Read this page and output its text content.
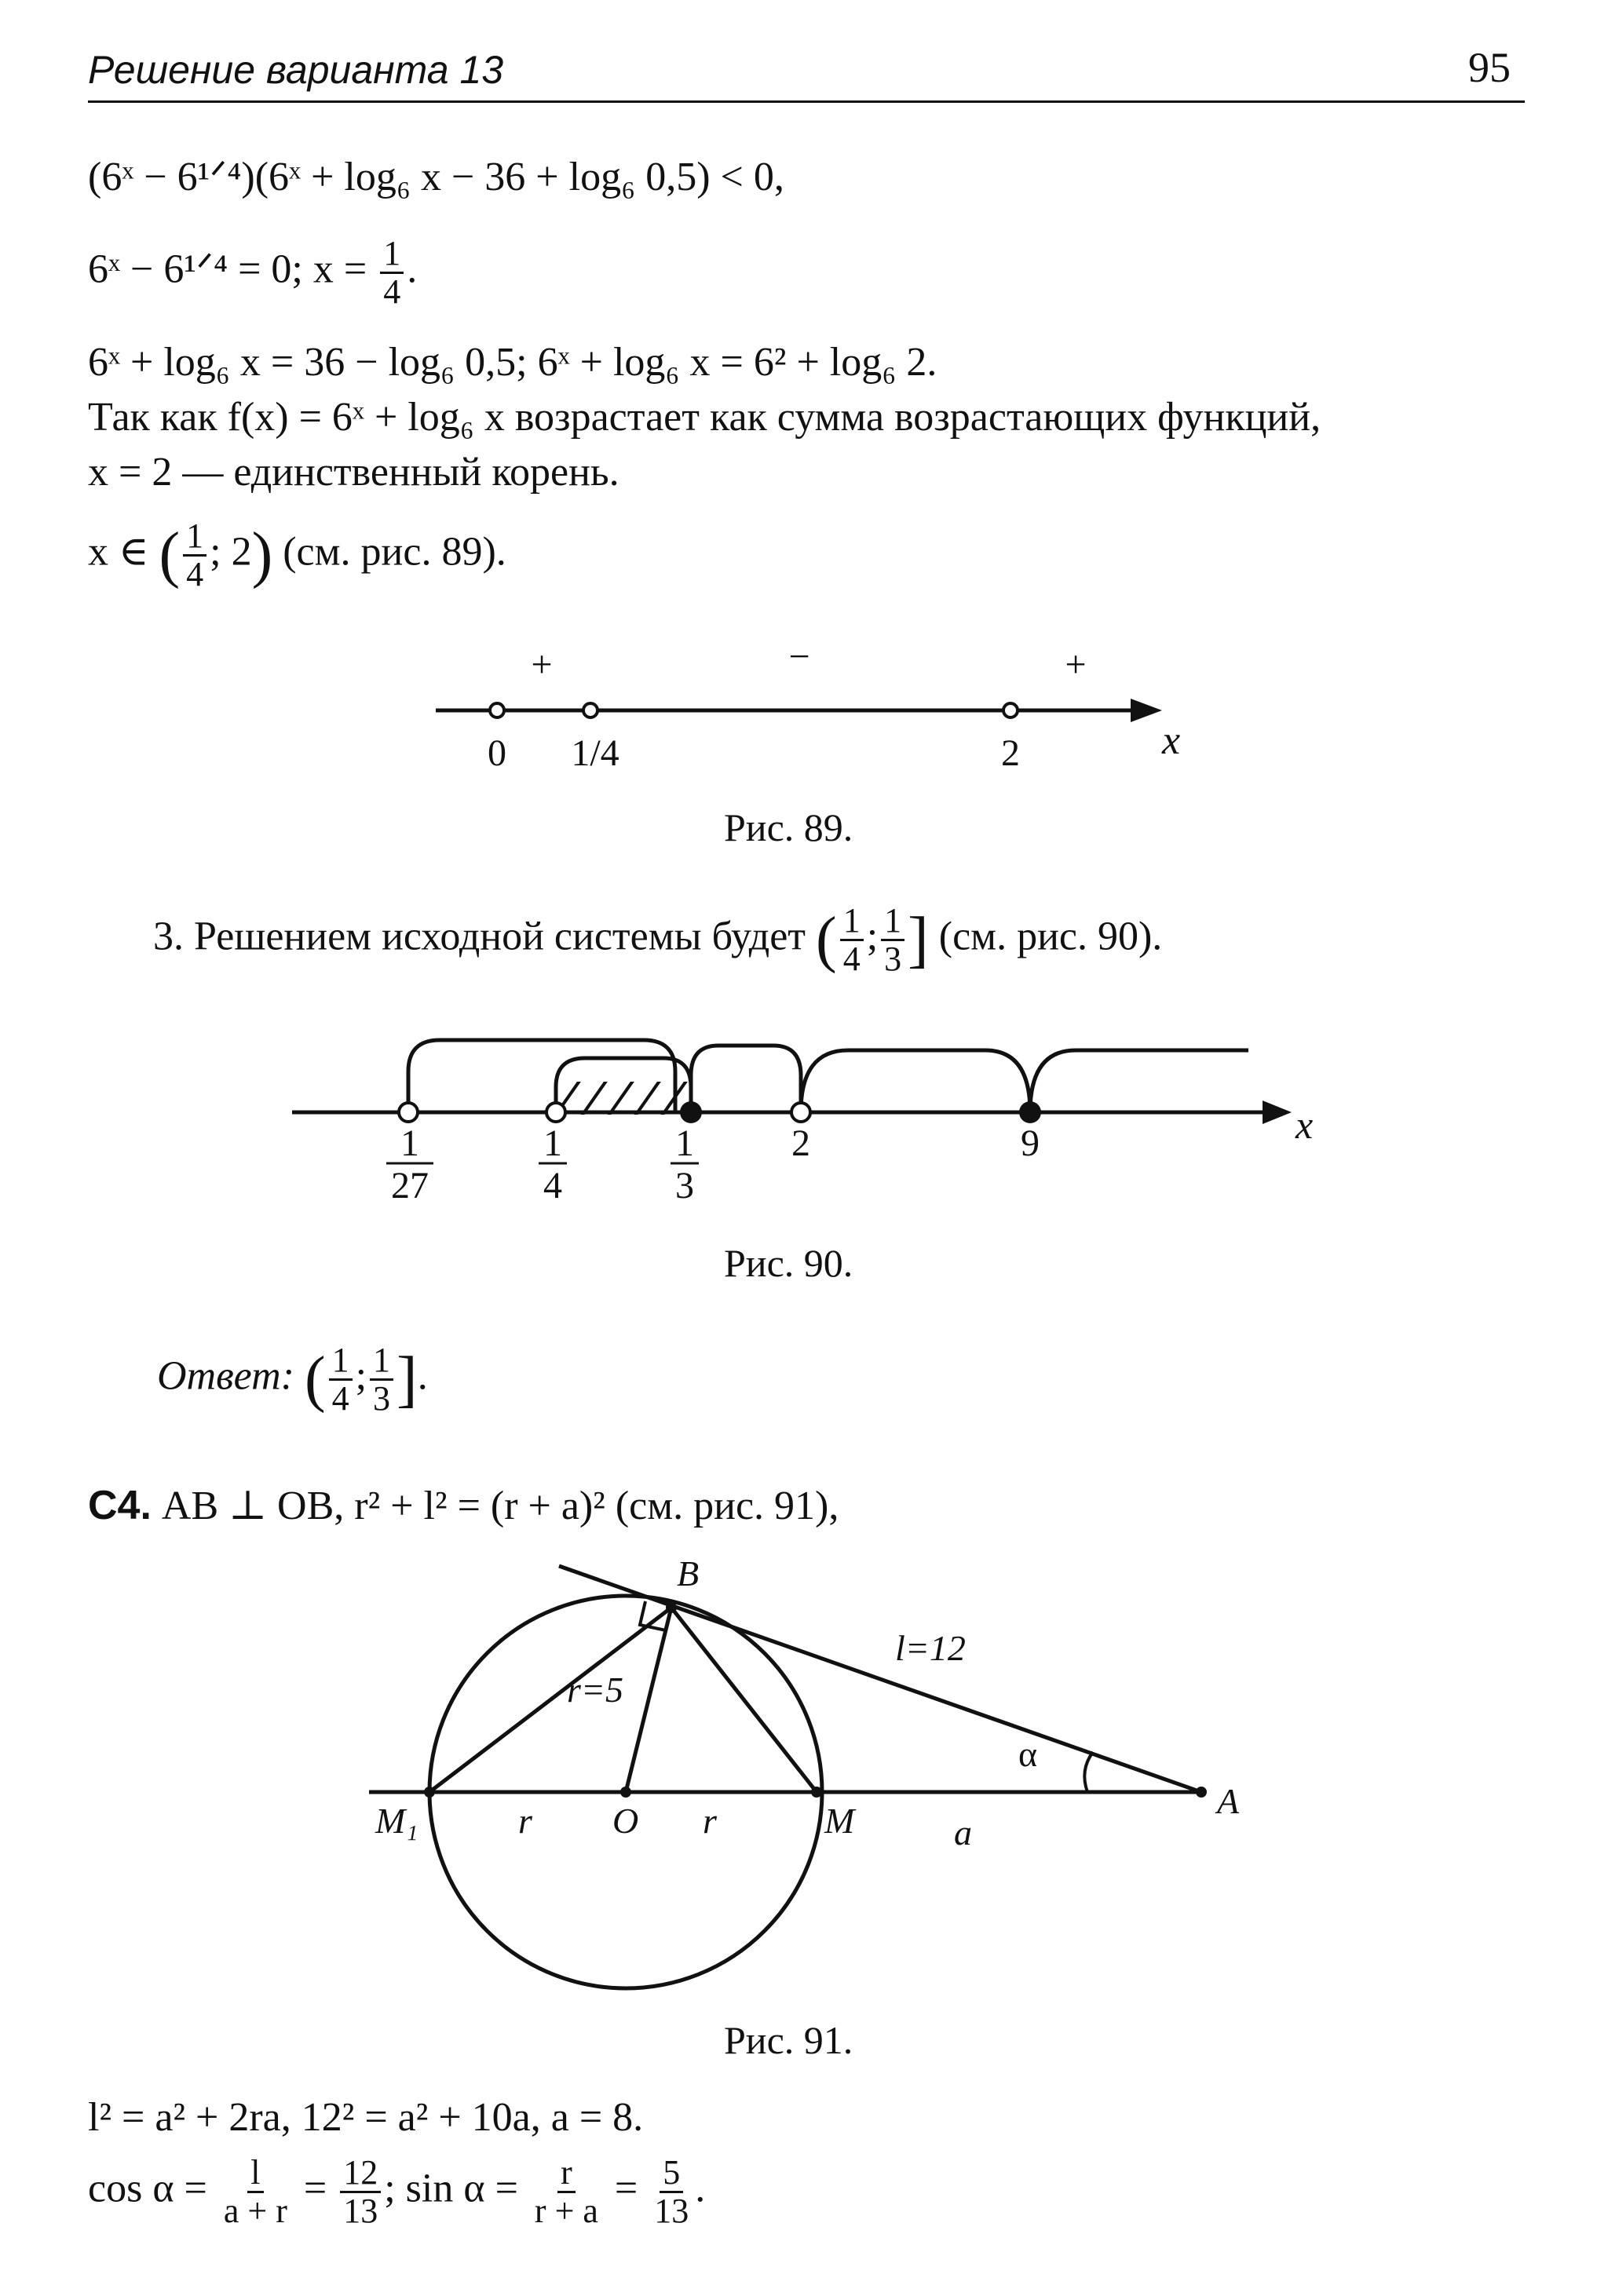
Решение варианта 13	95
(6ˣ − 6¹ᐟ⁴)(6ˣ + log₆ x − 36 + log₆ 0,5) < 0,
6ˣ − 6¹ᐟ⁴ = 0; $x = \frac{1}{4}$ .
6ˣ + log₆ x = 36 − log₆ 0,5; 6ˣ + log₆ x = 6² + log₆ 2.
Так как f(x) = 6ˣ + log₆ x возрастает как сумма возрастающих функций,
x = 2 — единственный корень.
x ∈ ( $\frac{1}{4}$ ; 2) (см. рис. 89).
+	−	+
0 1/4	2	x
Рис. 89.
3. Решением исходной системы будет ( $\frac{1}{4}$ ; $\frac{1}{3}$ ] (см. рис. 90).
1
27
1
4
1
3
2	9	x
Рис. 90.
Ответ: ( $\frac{1}{4}$ ; $\frac{1}{3}$ ].
С4. AB ⊥ OB, r² + l² = (r + a)² (см. рис. 91),
B
A
M₁	O	M
r	r	a
r=5
l=12
α
Рис. 91.
l² = a² + 2ra, 12² = a² + 10a, a = 8.
$\cos \alpha = \frac{l}{a + r} = \frac{12}{13}$ ; $\sin \alpha = \frac{r}{r + a} = \frac{5}{13}$ .
